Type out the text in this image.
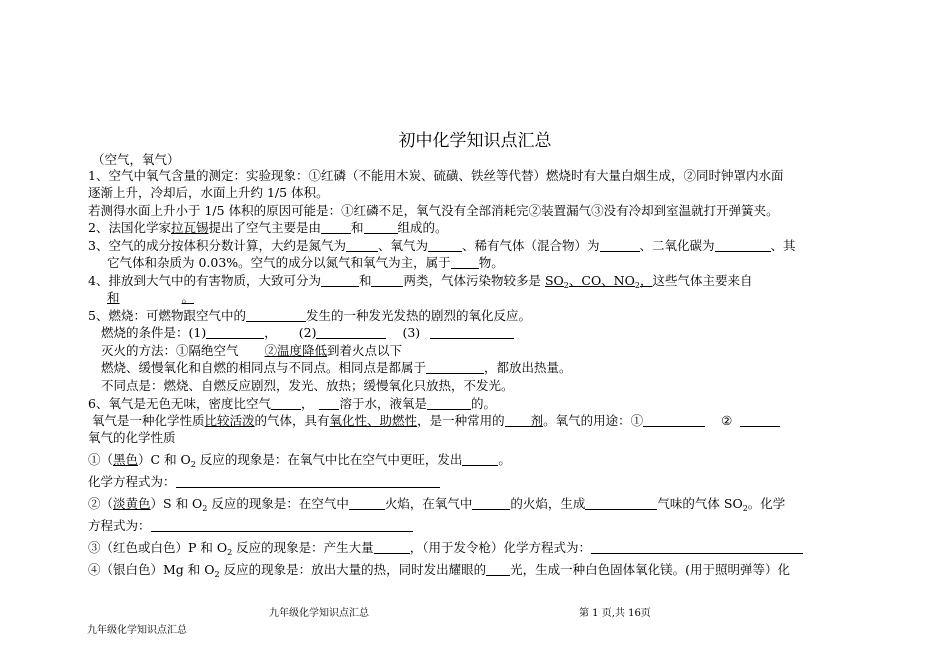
初中化学知识点汇总
（空气，氧气）
1、空气中氧气含量的测定：实验现象：①红磷（不能用木炭、硫磺、铁丝等代替）燃烧时有大量白烟生成，②同时钟罩内水面
逐渐上升，冷却后，水面上升约 1/5 体积。
若测得水面上升小于 1/5 体积的原因可能是：①红磷不足，氧气没有全部消耗完②装置漏气③没有冷却到室温就打开弹簧夹。
2、法国化学家拉瓦锡提出了空气主要是由 和	组成的。
3、空气的成分按体积分数计算，大约是氮气为	、氧气为	、稀有气体（混合物）为	、二氧化碳为	、其
它气体和杂质为 0.03%。空气的成分以氮气和氧气为主，属于 物。
4、排放到大气中的有害物质，大致可分为	和	两类，气体污染物较多是 $SO_2$、CO、$NO_2$，这些气体主要来自
和	。
5、燃烧：可燃物跟空气中的	发生的一种发光发热的剧烈的氧化反应。
燃烧的条件是：(1)	， (2)	(3)
灭火的方法：①隔绝空气 ②温度降低到着火点以下
燃烧、缓慢氧化和自燃的相同点与不同点。相同点是都属于	，都放出热量。
不同点是：燃烧、自燃反应剧烈，发光、放热；缓慢氧化只放热，不发光。
6、氧气是无色无味，密度比空气 ， 溶于水，液氧是	的。
氧气是一种化学性质比较活泼的气体，具有氧化性、助燃性，是一种常用的 剂。氧气的用途：①	②
氧气的化学性质
①（黑色）C 和 $O_2$ 反应的现象是：在氧气中比在空气中更旺，发出	。
化学方程式为：
②（淡黄色）S 和 $O_2$ 反应的现象是：在空气中	火焰，在氧气中	的火焰，生成	气味的气体 $SO_2$。化学
方程式为：
③（红色或白色）P 和 $O_2$ 反应的现象是：产生大量	，（用于发令枪）化学方程式为：
④（银白色）Mg 和 $O_2$ 反应的现象是：放出大量的热，同时发出耀眼的 光，生成一种白色固体氧化镁。(用于照明弹等）化
九年级化学知识点汇总	第 1 页,共 16页
九年级化学知识点汇总
